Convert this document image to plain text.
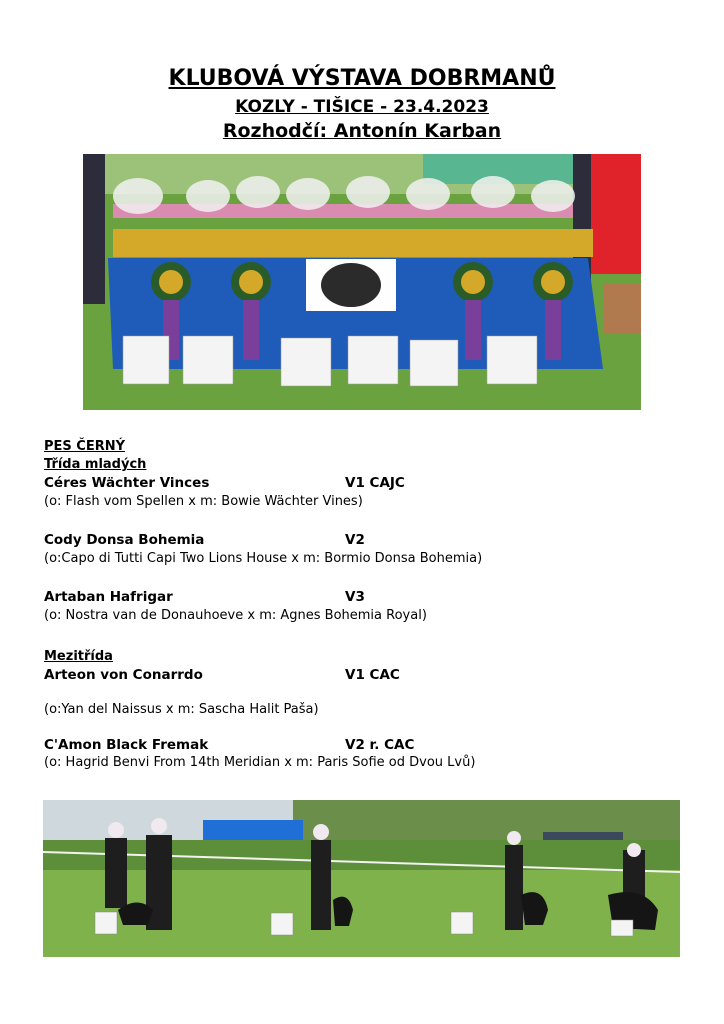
KLUBOVÁ VÝSTAVA DOBRMANŮ
KOZLY - TIŠICE - 23.4.2023
Rozhodčí: Antonín Karban
PES ČERNÝ
Třída mladých
Céres Wächter Vinces	V1 CAJC
(o: Flash vom Spellen x m: Bowie Wächter Vines)
Cody Donsa Bohemia	V2
(o:Capo di Tutti Capi Two Lions House x m: Bormio Donsa Bohemia)
Artaban Hafrigar	V3
(o: Nostra van de Donauhoeve x m: Agnes Bohemia Royal)
Mezitřída
Arteon von Conarrdo	V1 CAC
(o:Yan del Naissus x m: Sascha Halit Paša)
C'Amon Black Fremak	V2 r. CAC
(o: Hagrid Benvi From 14th Meridian x m: Paris Sofie od Dvou Lvů)
